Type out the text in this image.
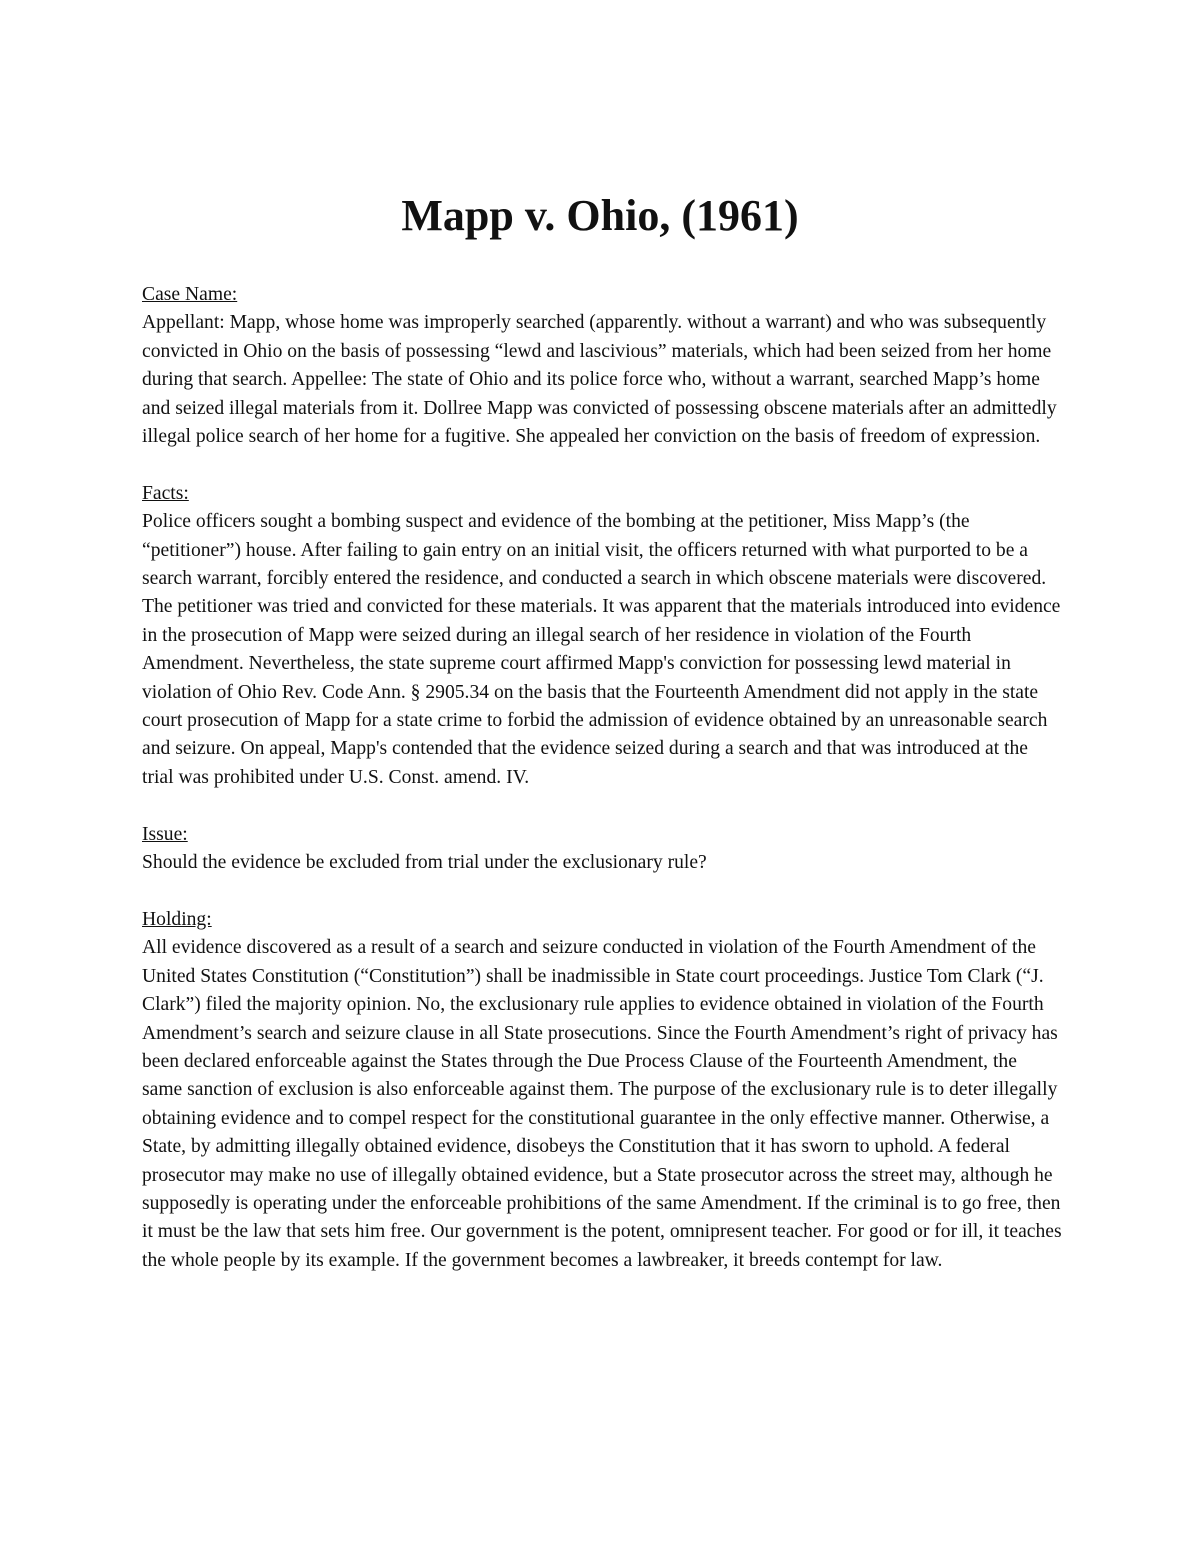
Mapp v. Ohio, (1961)
Case Name:

Appellant: Mapp, whose home was improperly searched (apparently. without a warrant) and who was subsequently convicted in Ohio on the basis of possessing “lewd and lascivious” materials, which had been seized from her home during that search. Appellee: The state of Ohio and its police force who, without a warrant, searched Mapp’s home and seized illegal materials from it. Dollree Mapp was convicted of possessing obscene materials after an admittedly illegal police search of her home for a fugitive. She appealed her conviction on the basis of freedom of expression.

Facts:

Police officers sought a bombing suspect and evidence of the bombing at the petitioner, Miss Mapp’s (the “petitioner”) house. After failing to gain entry on an initial visit, the officers returned with what purported to be a search warrant, forcibly entered the residence, and conducted a search in which obscene materials were discovered. The petitioner was tried and convicted for these materials. It was apparent that the materials introduced into evidence in the prosecution of Mapp were seized during an illegal search of her residence in violation of the Fourth Amendment. Nevertheless, the state supreme court affirmed Mapp's conviction for possessing lewd material in violation of Ohio Rev. Code Ann. § 2905.34 on the basis that the Fourteenth Amendment did not apply in the state court prosecution of Mapp for a state crime to forbid the admission of evidence obtained by an unreasonable search and seizure. On appeal, Mapp's contended that the evidence seized during a search and that was introduced at the trial was prohibited under U.S. Const. amend. IV.

Issue:

Should the evidence be excluded from trial under the exclusionary rule?

Holding:

All evidence discovered as a result of a search and seizure conducted in violation of the Fourth Amendment of the United States Constitution (“Constitution”) shall be inadmissible in State court proceedings. Justice Tom Clark (“J. Clark”) filed the majority opinion. No, the exclusionary rule applies to evidence obtained in violation of the Fourth Amendment’s search and seizure clause in all State prosecutions. Since the Fourth Amendment’s right of privacy has been declared enforceable against the States through the Due Process Clause of the Fourteenth Amendment, the same sanction of exclusion is also enforceable against them. The purpose of the exclusionary rule is to deter illegally obtaining evidence and to compel respect for the constitutional guarantee in the only effective manner. Otherwise, a State, by admitting illegally obtained evidence, disobeys the Constitution that it has sworn to uphold. A federal prosecutor may make no use of illegally obtained evidence, but a State prosecutor across the street may, although he supposedly is operating under the enforceable prohibitions of the same Amendment. If the criminal is to go free, then it must be the law that sets him free. Our government is the potent, omnipresent teacher. For good or for ill, it teaches the whole people by its example. If the government becomes a lawbreaker, it breeds contempt for law.
